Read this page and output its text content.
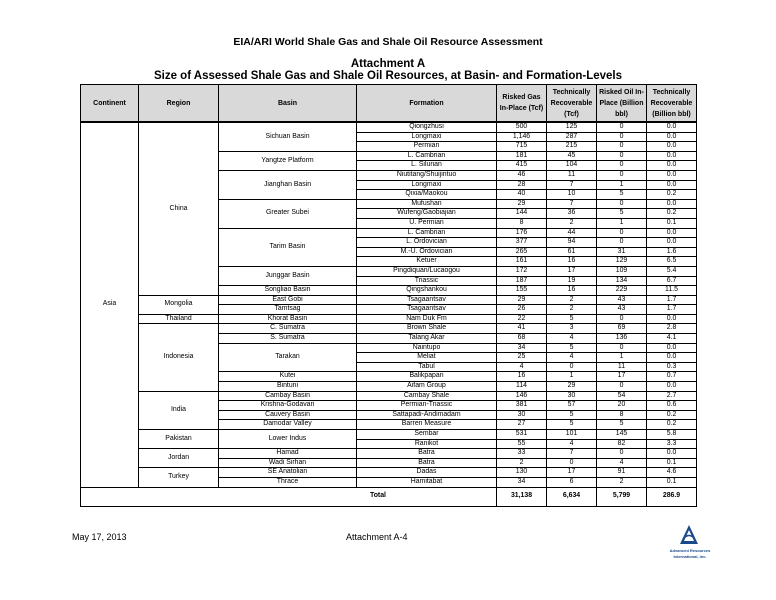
EIA/ARI World Shale Gas and Shale Oil Resource Assessment
Attachment A
Size of Assessed Shale Gas and Shale Oil Resources, at Basin- and Formation-Levels
Continent	Region	Basin	Formation	Risked Gas In-Place (Tcf)	Technically Recoverable (Tcf)	Risked Oil In-Place (Billion bbl)	Technically Recoverable (Billion bbl)
Asia	China	Sichuan Basin	Qiongzhusi	500	125	0	0.0
			Longmaxi	1,146	287	0	0.0
			Permian	715	215	0	0.0
		Yangtze Platform	L. Cambrian	181	45	0	0.0
			L. Silurian	415	104	0	0.0
		Jianghan Basin	Niutitang/Shuijintuo	46	11	0	0.0
			Longmaxi	28	7	1	0.0
			Qixia/Maokou	40	10	5	0.2
		Greater Subei	Mufushan	29	7	0	0.0
			Wufeng/Gaobiajian	144	36	5	0.2
			U. Permian	8	2	1	0.1
		Tarim Basin	L. Cambrian	176	44	0	0.0
			L. Ordovician	377	94	0	0.0
			M.-U. Ordovician	265	61	31	1.6
			Ketuer	161	16	129	6.5
		Junggar Basin	Pingdiquan/Lucaogou	172	17	109	5.4
			Triassic	187	19	134	6.7
		Songliao Basin	Qingshankou	155	16	229	11.5
	Mongolia	East Gobi	Tsagaantsav	29	2	43	1.7
		Tamtsag	Tsagaantsav	26	2	43	1.7
	Thailand	Khorat Basin	Nam Duk Fm	22	5	0	0.0
	Indonesia	C. Sumatra	Brown Shale	41	3	69	2.8
		S. Sumatra	Talang Akar	68	4	136	4.1
		Tarakan	Naintupo	34	5	0	0.0
			Meliat	25	4	1	0.0
			Tabul	4	0	11	0.3
		Kutei	Balikpapan	16	1	17	0.7
		Bintuni	Aifam Group	114	29	0	0.0
	India	Cambay Basin	Cambay Shale	146	30	54	2.7
		Krishna-Godavari	Permian-Triassic	381	57	20	0.6
		Cauvery Basin	Sattapadi-Andimadam	30	5	8	0.2
		Damodar Valley	Barren Measure	27	5	5	0.2
	Pakistan	Lower Indus	Sembar	531	101	145	5.8
			Ranikot	55	4	82	3.3
	Jordan	Hamad	Batra	33	7	0	0.0
		Wadi Sirhan	Batra	2	0	4	0.1
	Turkey	SE Anatolian	Dadas	130	17	91	4.6
		Thrace	Hamitabat	34	6	2	0.1
Total				31,138	6,634	5,799	286.9
May 17, 2013	Attachment A-4
Advanced Resources
International, Inc.
